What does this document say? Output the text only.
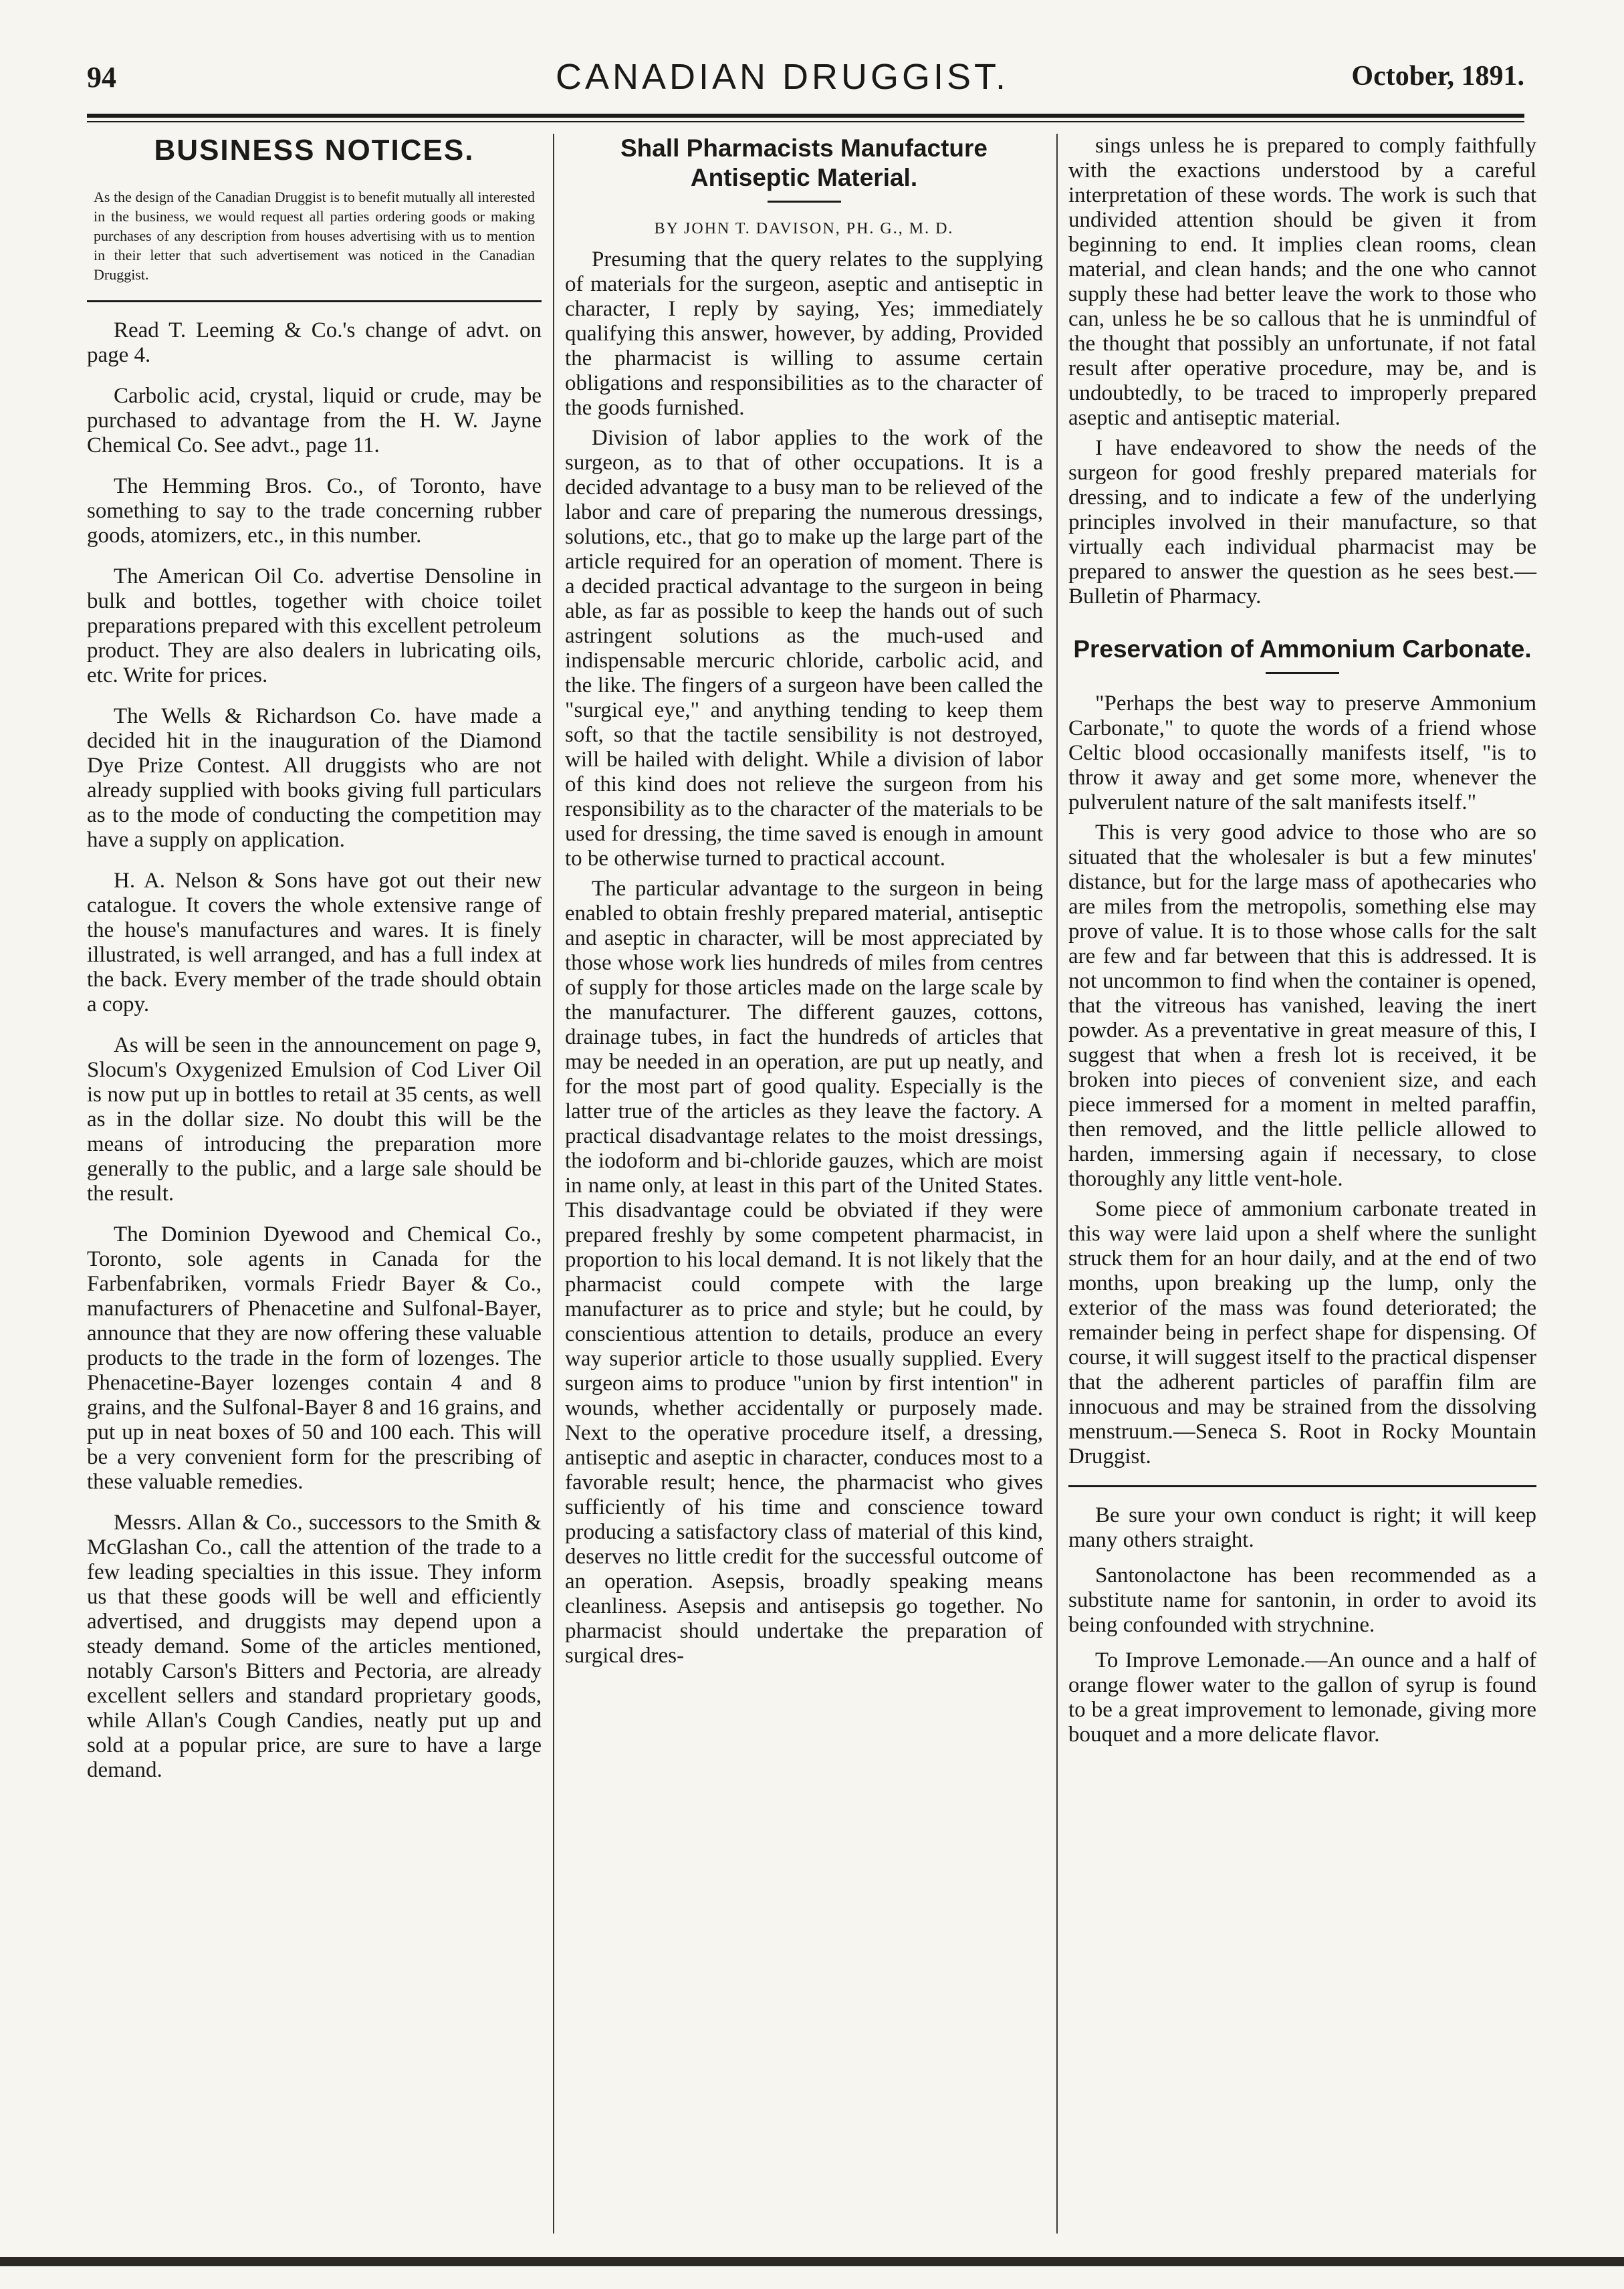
94	CANADIAN DRUGGIST.	October, 1891.
BUSINESS NOTICES.
As the design of the Canadian Druggist is to benefit mutually all interested in the business, we would request all parties ordering goods or making purchases of any description from houses advertising with us to mention in their letter that such advertisement was noticed in the Canadian Druggist.

Read T. Leeming & Co.'s change of advt. on page 4.

Carbolic acid, crystal, liquid or crude, may be purchased to advantage from the H. W. Jayne Chemical Co. See advt., page 11.

The Hemming Bros. Co., of Toronto, have something to say to the trade concerning rubber goods, atomizers, etc., in this number.

The American Oil Co. advertise Densoline in bulk and bottles, together with choice toilet preparations prepared with this excellent petroleum product. They are also dealers in lubricating oils, etc. Write for prices.

The Wells & Richardson Co. have made a decided hit in the inauguration of the Diamond Dye Prize Contest. All druggists who are not already supplied with books giving full particulars as to the mode of conducting the competition may have a supply on application.

H. A. Nelson & Sons have got out their new catalogue. It covers the whole extensive range of the house's manufactures and wares. It is finely illustrated, is well arranged, and has a full index at the back. Every member of the trade should obtain a copy.

As will be seen in the announcement on page 9, Slocum's Oxygenized Emulsion of Cod Liver Oil is now put up in bottles to retail at 35 cents, as well as in the dollar size. No doubt this will be the means of introducing the preparation more generally to the public, and a large sale should be the result.

The Dominion Dyewood and Chemical Co., Toronto, sole agents in Canada for the Farbenfabriken, vormals Friedr Bayer & Co., manufacturers of Phenacetine and Sulfonal-Bayer, announce that they are now offering these valuable products to the trade in the form of lozenges. The Phenacetine-Bayer lozenges contain 4 and 8 grains, and the Sulfonal-Bayer 8 and 16 grains, and put up in neat boxes of 50 and 100 each. This will be a very convenient form for the prescribing of these valuable remedies.

Messrs. Allan & Co., successors to the Smith & McGlashan Co., call the attention of the trade to a few leading specialties in this issue. They inform us that these goods will be well and efficiently advertised, and druggists may depend upon a steady demand. Some of the articles mentioned, notably Carson's Bitters and Pectoria, are already excellent sellers and standard proprietary goods, while Allan's Cough Candies, neatly put up and sold at a popular price, are sure to have a large demand.

Shall Pharmacists Manufacture Antiseptic Material.
BY JOHN T. DAVISON, PH. G., M. D.

Presuming that the query relates to the supplying of materials for the surgeon, aseptic and antiseptic in character, I reply by saying, Yes; immediately qualifying this answer, however, by adding, Provided the pharmacist is willing to assume certain obligations and responsibilities as to the character of the goods furnished.

Division of labor applies to the work of the surgeon, as to that of other occupations. It is a decided advantage to a busy man to be relieved of the labor and care of preparing the numerous dressings, solutions, etc., that go to make up the large part of the article required for an operation of moment. There is a decided practical advantage to the surgeon in being able, as far as possible to keep the hands out of such astringent solutions as the much-used and indispensable mercuric chloride, carbolic acid, and the like. The fingers of a surgeon have been called the "surgical eye," and anything tending to keep them soft, so that the tactile sensibility is not destroyed, will be hailed with delight. While a division of labor of this kind does not relieve the surgeon from his responsibility as to the character of the materials to be used for dressing, the time saved is enough in amount to be otherwise turned to practical account.

The particular advantage to the surgeon in being enabled to obtain freshly prepared material, antiseptic and aseptic in character, will be most appreciated by those whose work lies hundreds of miles from centres of supply for those articles made on the large scale by the manufacturer. The different gauzes, cottons, drainage tubes, in fact the hundreds of articles that may be needed in an operation, are put up neatly, and for the most part of good quality. Especially is the latter true of the articles as they leave the factory. A practical disadvantage relates to the moist dressings, the iodoform and bi-chloride gauzes, which are moist in name only, at least in this part of the United States. This disadvantage could be obviated if they were prepared freshly by some competent pharmacist, in proportion to his local demand. It is not likely that the pharmacist could compete with the large manufacturer as to price and style; but he could, by conscientious attention to details, produce an every way superior article to those usually supplied. Every surgeon aims to produce "union by first intention" in wounds, whether accidentally or purposely made. Next to the operative procedure itself, a dressing, antiseptic and aseptic in character, conduces most to a favorable result; hence, the pharmacist who gives sufficiently of his time and conscience toward producing a satisfactory class of material of this kind, deserves no little credit for the successful outcome of an operation. Asepsis, broadly speaking means cleanliness. Asepsis and antisepsis go together. No pharmacist should undertake the preparation of surgical dres-

sings unless he is prepared to comply faithfully with the exactions understood by a careful interpretation of these words. The work is such that undivided attention should be given it from beginning to end. It implies clean rooms, clean material, and clean hands; and the one who cannot supply these had better leave the work to those who can, unless he be so callous that he is unmindful of the thought that possibly an unfortunate, if not fatal result after operative procedure, may be, and is undoubtedly, to be traced to improperly prepared aseptic and antiseptic material.

I have endeavored to show the needs of the surgeon for good freshly prepared materials for dressing, and to indicate a few of the underlying principles involved in their manufacture, so that virtually each individual pharmacist may be prepared to answer the question as he sees best.—Bulletin of Pharmacy.

Preservation of Ammonium Carbonate.

"Perhaps the best way to preserve Ammonium Carbonate," to quote the words of a friend whose Celtic blood occasionally manifests itself, "is to throw it away and get some more, whenever the pulverulent nature of the salt manifests itself."

This is very good advice to those who are so situated that the wholesaler is but a few minutes' distance, but for the large mass of apothecaries who are miles from the metropolis, something else may prove of value. It is to those whose calls for the salt are few and far between that this is addressed. It is not uncommon to find when the container is opened, that the vitreous has vanished, leaving the inert powder. As a preventative in great measure of this, I suggest that when a fresh lot is received, it be broken into pieces of convenient size, and each piece immersed for a moment in melted paraffin, then removed, and the little pellicle allowed to harden, immersing again if necessary, to close thoroughly any little vent-hole.

Some piece of ammonium carbonate treated in this way were laid upon a shelf where the sunlight struck them for an hour daily, and at the end of two months, upon breaking up the lump, only the exterior of the mass was found deteriorated; the remainder being in perfect shape for dispensing. Of course, it will suggest itself to the practical dispenser that the adherent particles of paraffin film are innocuous and may be strained from the dissolving menstruum.—Seneca S. Root in Rocky Mountain Druggist.

Be sure your own conduct is right; it will keep many others straight.

Santonolactone has been recommended as a substitute name for santonin, in order to avoid its being confounded with strychnine.

To Improve Lemonade.—An ounce and a half of orange flower water to the gallon of syrup is found to be a great improvement to lemonade, giving more bouquet and a more delicate flavor.
